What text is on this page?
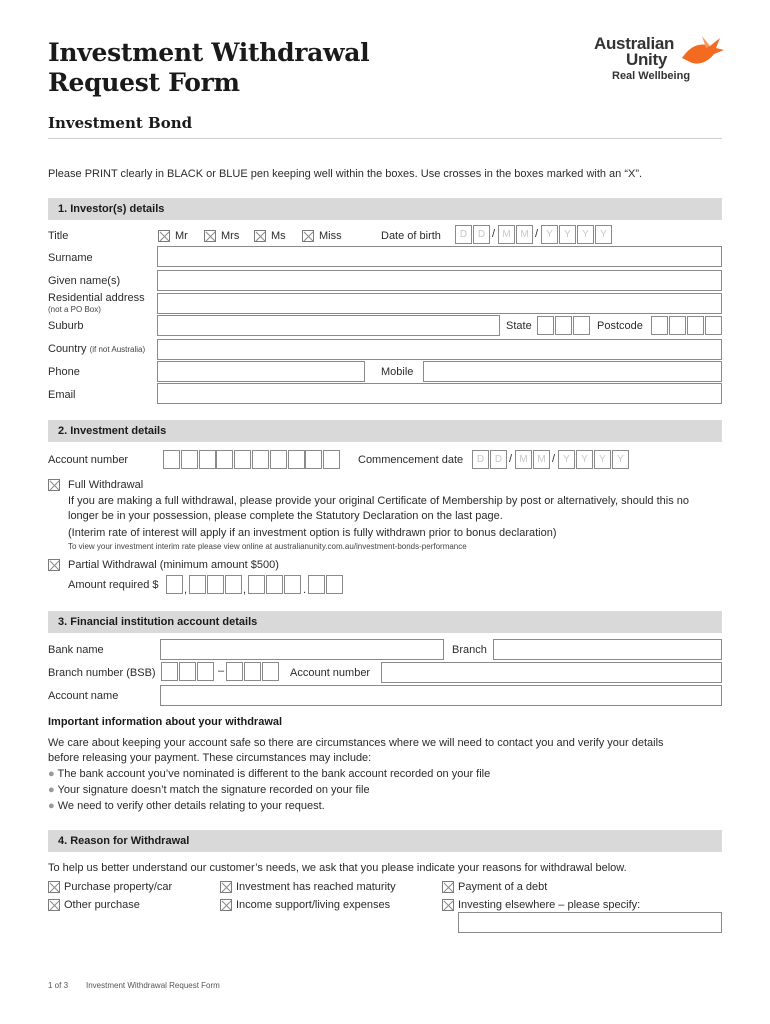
Investment Withdrawal
Request Form
Australian
Unity
Real Wellbeing
Investment Bond
Please PRINT clearly in BLACK or BLUE pen keeping well within the boxes. Use crosses in the boxes marked with an “X”.
1. Investor(s) details
Title	Mr	Mrs	Ms	Miss	Date of birth	D	D / M M / Y	Y	Y	Y
Surname
Given name(s)
Residential address
(not a PO Box)
Suburb	State	Postcode
Country (if not Australia)
Phone	Mobile
Email
2. Investment details
Account number	Commencement date	D	D / M M / Y	Y	Y	Y
Full Withdrawal
If you are making a full withdrawal, please provide your original Certificate of Membership by post or alternatively, should this no
longer be in your possession, please complete the Statutory Declaration on the last page.
(Interim rate of interest will apply if an investment option is fully withdrawn prior to bonus declaration)
To view your investment interim rate please view online at australianunity.com.au/investment-bonds-performance
Partial Withdrawal (minimum amount $500)
Amount required $ ,	,	.
3. Financial institution account details
Bank name	Branch
Branch number (BSB)	–	Account number
Account name
Important information about your withdrawal
We care about keeping your account safe so there are circumstances where we will need to contact you and verify your details
before releasing your payment. These circumstances may include:
● The bank account you’ve nominated is different to the bank account recorded on your file
● Your signature doesn’t match the signature recorded on your file
● We need to verify other details relating to your request.
4. Reason for Withdrawal
To help us better understand our customer’s needs, we ask that you please indicate your reasons for withdrawal below.
Purchase property/car	Investment has reached maturity	Payment of a debt
Other purchase	Income support/living expenses	Investing elsewhere – please specify:
1 of 3 Investment Withdrawal Request Form
